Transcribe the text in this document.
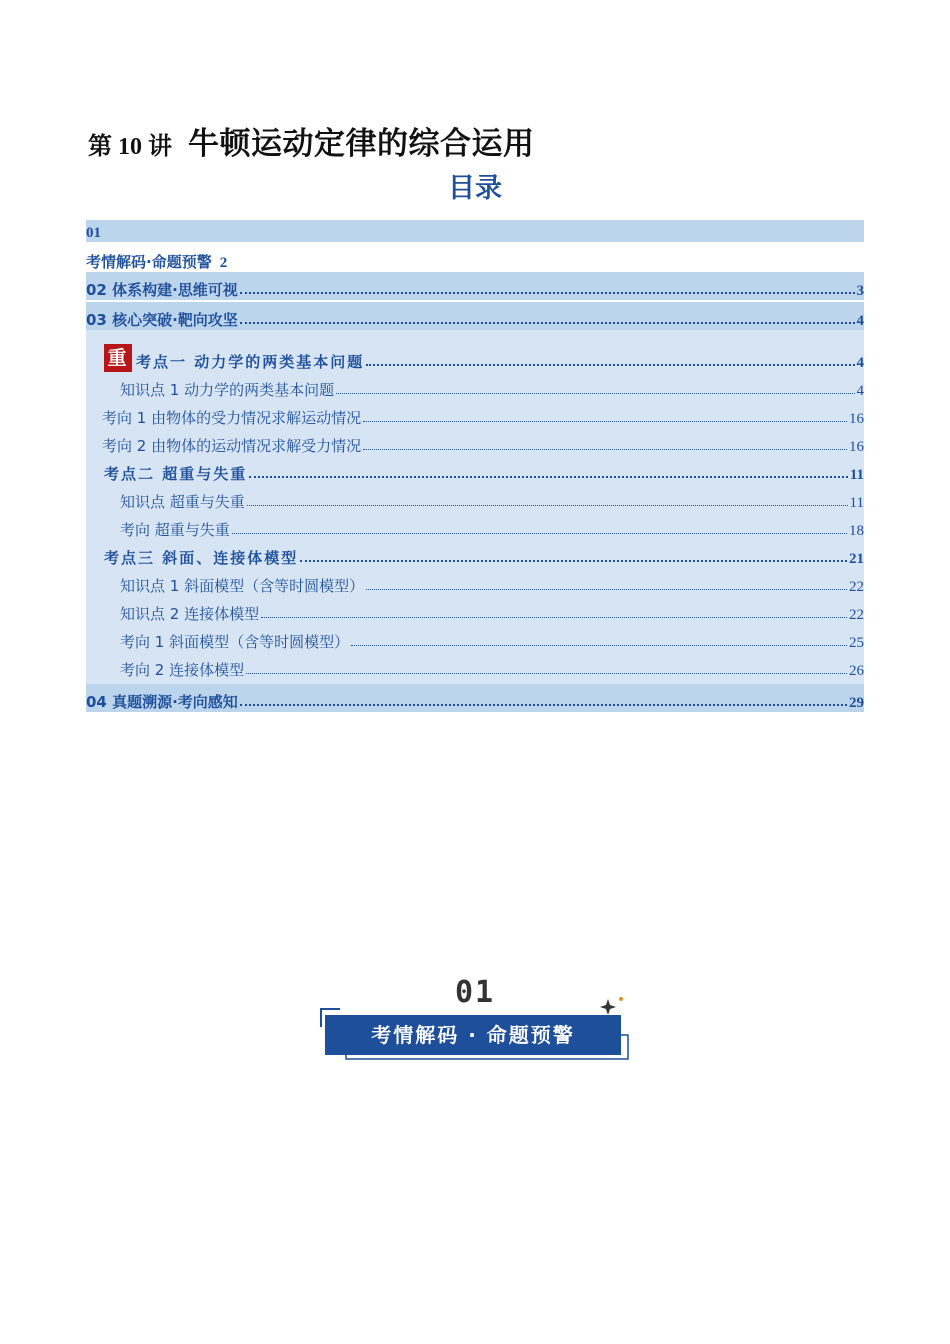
第 10 讲 牛顿运动定律的综合运用
目录
01
考情解码·命题预警 2
02 体系构建·思维可视	3
03 核心突破·靶向攻坚	4
重 考点一 动力学的两类基本问题	4
知识点 1 动力学的两类基本问题	4
考向 1 由物体的受力情况求解运动情况	16
考向 2 由物体的运动情况求解受力情况	16
考点二 超重与失重	11
知识点 超重与失重	11
考向 超重与失重	18
考点三 斜面、连接体模型	21
知识点 1 斜面模型（含等时圆模型）	22
知识点 2 连接体模型	22
考向 1 斜面模型（含等时圆模型）	25
考向 2 连接体模型	26
04 真题溯源·考向感知	29
01
考情解码 · 命题预警
